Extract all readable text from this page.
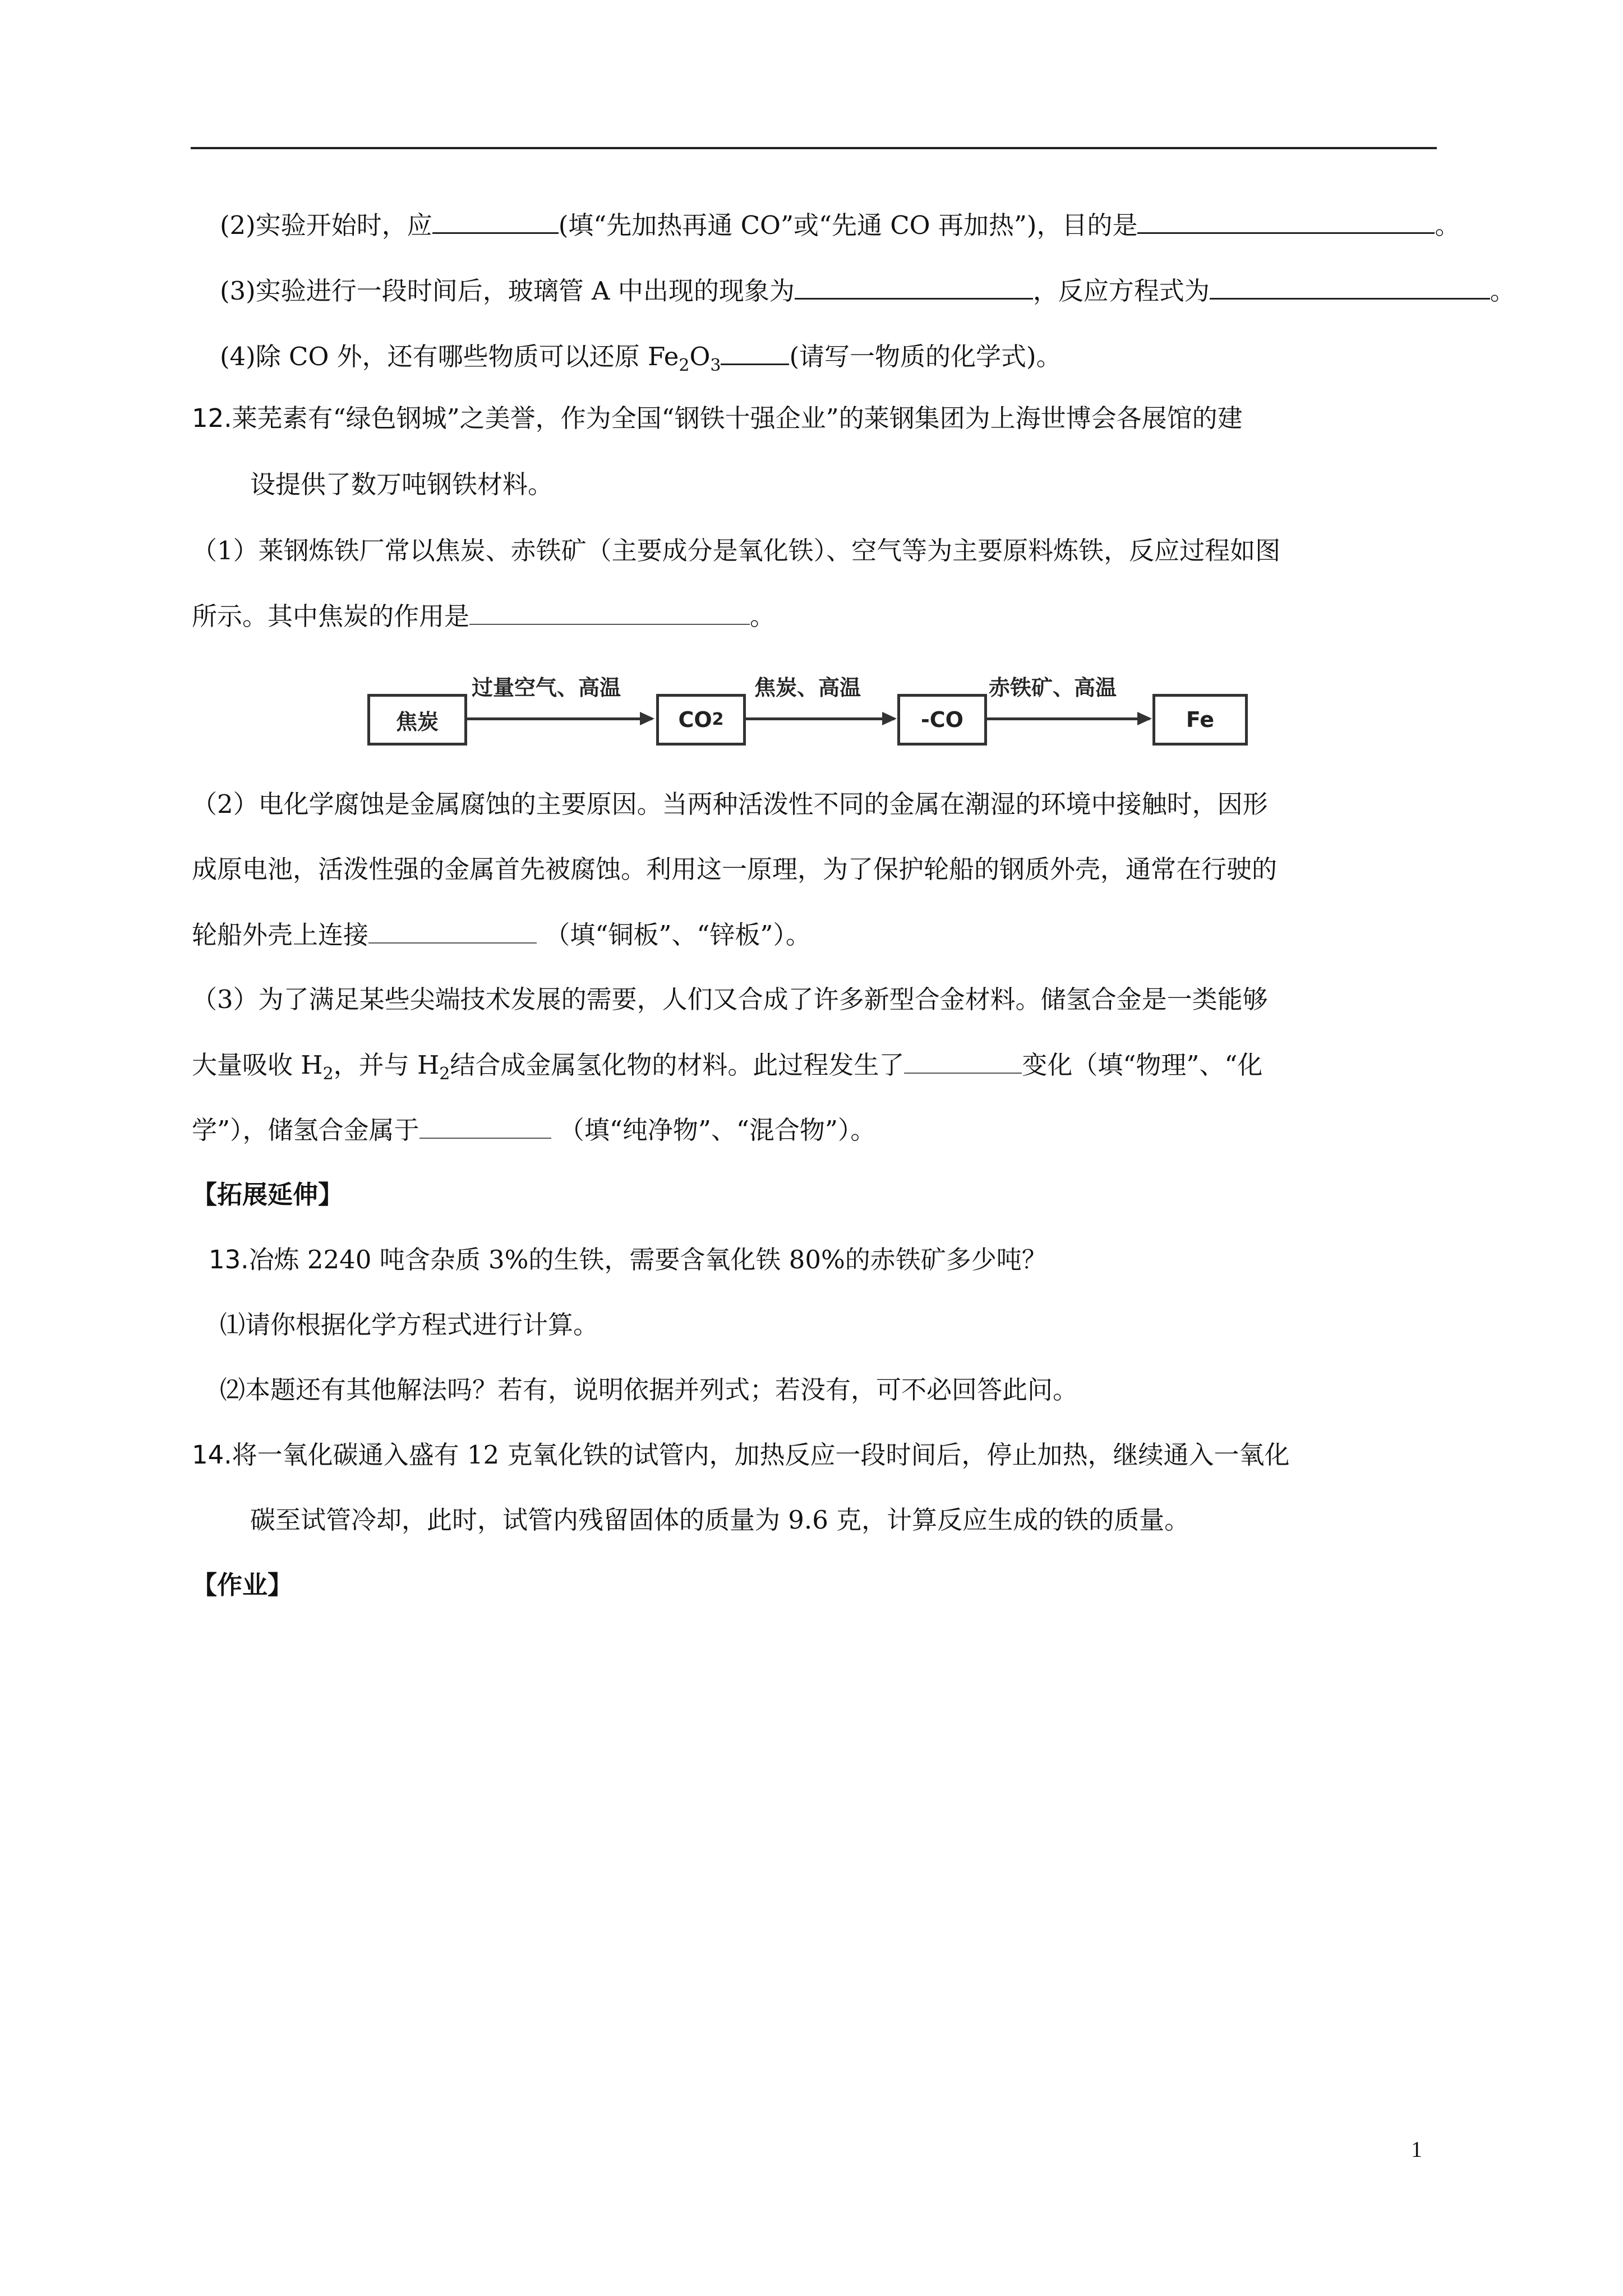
(2)实验开始时，应	(填“先加热再通 CO”或“先通 CO 再加热”)，目的是	。
(3)实验进行一段时间后，玻璃管 A 中出现的现象为	，反应方程式为	。
(4)除 CO 外，还有哪些物质可以还原 $Fe_2O_3$	(请写一物质的化学式)。
12.莱芜素有“绿色钢城”之美誉，作为全国“钢铁十强企业”的莱钢集团为上海世博会各展馆的建
设提供了数万吨钢铁材料。
（1）莱钢炼铁厂常以焦炭、赤铁矿（主要成分是氧化铁）、空气等为主要原料炼铁，反应过程如图
所示。其中焦炭的作用是	。
焦炭
过量空气、高温
CO 2
焦炭、高温
-CO
赤铁矿、高温
Fe
（2）电化学腐蚀是金属腐蚀的主要原因。当两种活泼性不同的金属在潮湿的环境中接触时，因形
成原电池，活泼性强的金属首先被腐蚀。利用这一原理，为了保护轮船的钢质外壳，通常在行驶的
轮船外壳上连接	（填“铜板”、“锌板”）。
（3）为了满足某些尖端技术发展的需要，人们又合成了许多新型合金材料。储氢合金是一类能够
大量吸收 $H_2$，并与 $H_2$结合成金属氢化物的材料。此过程发生了	变化（填“物理”、“化
学”），储氢合金属于	（填“纯净物”、“混合物”）。
【拓展延伸】
13.冶炼 2240 吨含杂质 3%的生铁，需要含氧化铁 80%的赤铁矿多少吨？
⑴请你根据化学方程式进行计算。
⑵本题还有其他解法吗？若有，说明依据并列式；若没有，可不必回答此问。
14.将一氧化碳通入盛有 12 克氧化铁的试管内，加热反应一段时间后，停止加热，继续通入一氧化
碳至试管冷却，此时，试管内残留固体的质量为 9.6 克，计算反应生成的铁的质量。
【作业】
1
